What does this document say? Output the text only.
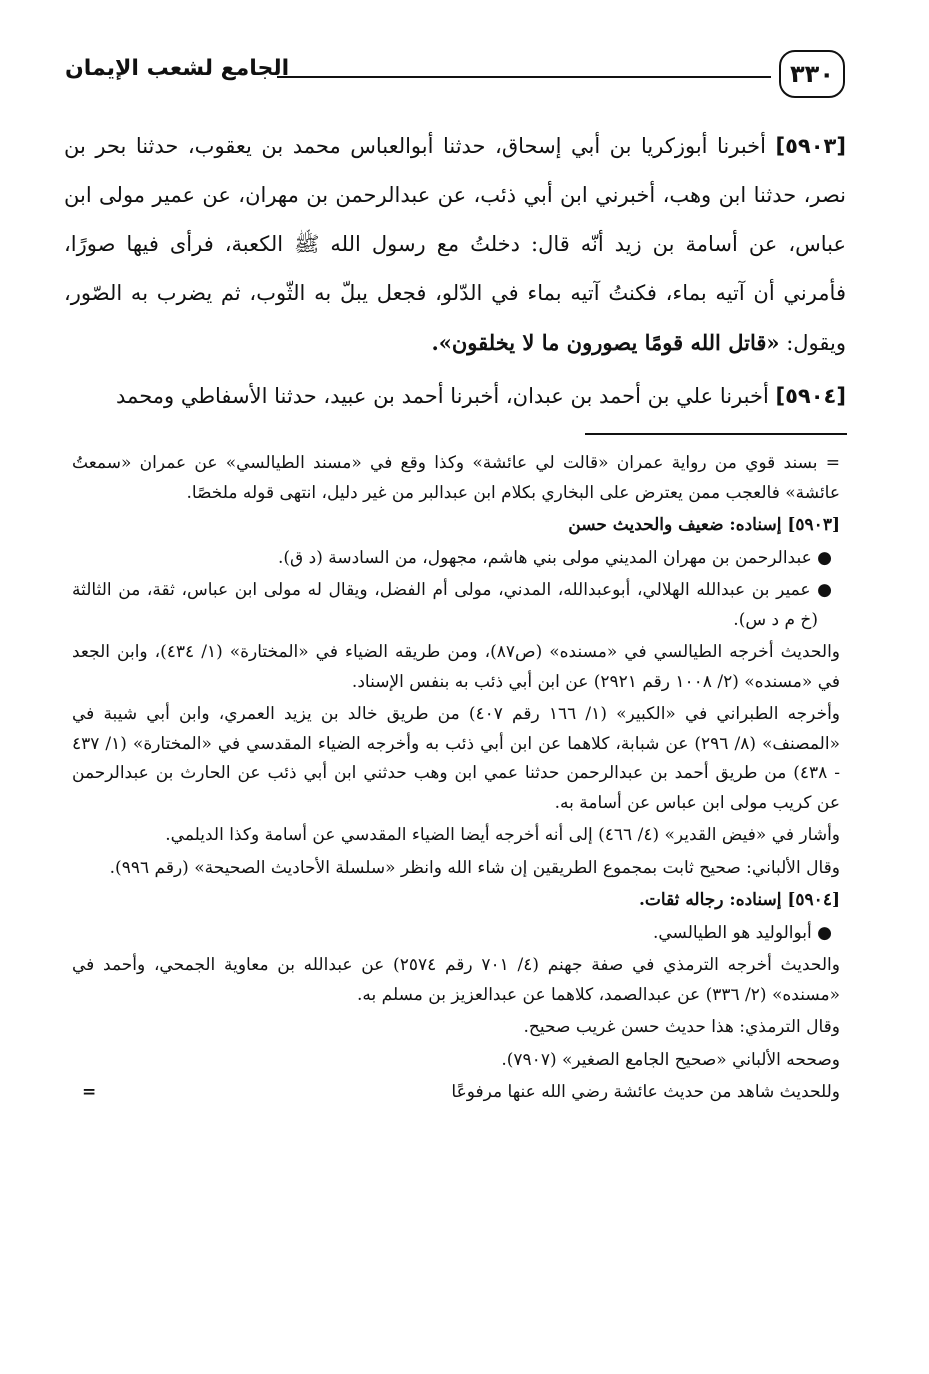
٣٣٠
الجامع لشعب الإيمان

[٥٩٠٣] أخبرنا أبوزكريا بن أبي إسحاق، حدثنا أبوالعباس محمد بن يعقوب، حدثنا بحر بن نصر، حدثنا ابن وهب، أخبرني ابن أبي ذئب، عن عبدالرحمن بن مهران، عن عمير مولى ابن عباس، عن أسامة بن زيد أنّه قال: دخلتُ مع رسول الله ﷺ الكعبة، فرأى فيها صورًا، فأمرني أن آتيه بماء، فكنتُ آتيه بماء في الدّلو، فجعل يبلّ به الثّوب، ثم يضرب به الصّور، ويقول: «قاتل الله قومًا يصورون ما لا يخلقون».

[٥٩٠٤] أخبرنا علي بن أحمد بن عبدان، أخبرنا أحمد بن عبيد، حدثنا الأسفاطي ومحمد

= بسند قوي من رواية عمران «قالت لي عائشة» وكذا وقع في «مسند الطيالسي» عن عمران «سمعتُ عائشة» فالعجب ممن يعترض على البخاري بكلام ابن عبدالبر من غير دليل، انتهى قوله ملخصًا.

[٥٩٠٣] إسناده: ضعيف والحديث حسن

● عبدالرحمن بن مهران المديني مولى بني هاشم، مجهول، من السادسة (د ق).

● عمير بن عبدالله الهلالي، أبوعبدالله، المدني، مولى أم الفضل، ويقال له مولى ابن عباس، ثقة، من الثالثة (خ م د س).

والحديث أخرجه الطيالسي في «مسنده» (ص٨٧)، ومن طريقه الضياء في «المختارة» (١/ ٤٣٤)، وابن الجعد في «مسنده» (٢/ ١٠٠٨ رقم ٢٩٢١) عن ابن أبي ذئب به بنفس الإسناد.

وأخرجه الطبراني في «الكبير» (١/ ١٦٦ رقم ٤٠٧) من طريق خالد بن يزيد العمري، وابن أبي شيبة في «المصنف» (٨/ ٢٩٦) عن شبابة، كلاهما عن ابن أبي ذئب به وأخرجه الضياء المقدسي في «المختارة» (١/ ٤٣٧ - ٤٣٨) من طريق أحمد بن عبدالرحمن حدثنا عمي ابن وهب حدثني ابن أبي ذئب عن الحارث بن عبدالرحمن عن كريب مولى ابن عباس عن أسامة به.

وأشار في «فيض القدير» (٤/ ٤٦٦) إلى أنه أخرجه أيضا الضياء المقدسي عن أسامة وكذا الديلمي.

وقال الألباني: صحيح ثابت بمجموع الطريقين إن شاء الله وانظر «سلسلة الأحاديث الصحيحة» (رقم ٩٩٦).

[٥٩٠٤] إسناده: رجاله ثقات.

● أبوالوليد هو الطيالسي.

والحديث أخرجه الترمذي في صفة جهنم (٤/ ٧٠١ رقم ٢٥٧٤) عن عبدالله بن معاوية الجمحي، وأحمد في «مسنده» (٢/ ٣٣٦) عن عبدالصمد، كلاهما عن عبدالعزيز بن مسلم به.

وقال الترمذي: هذا حديث حسن غريب صحيح.

وصححه الألباني «صحيح الجامع الصغير» (٧٩٠٧).

وللحديث شاهد من حديث عائشة رضي الله عنها مرفوعًا
=
